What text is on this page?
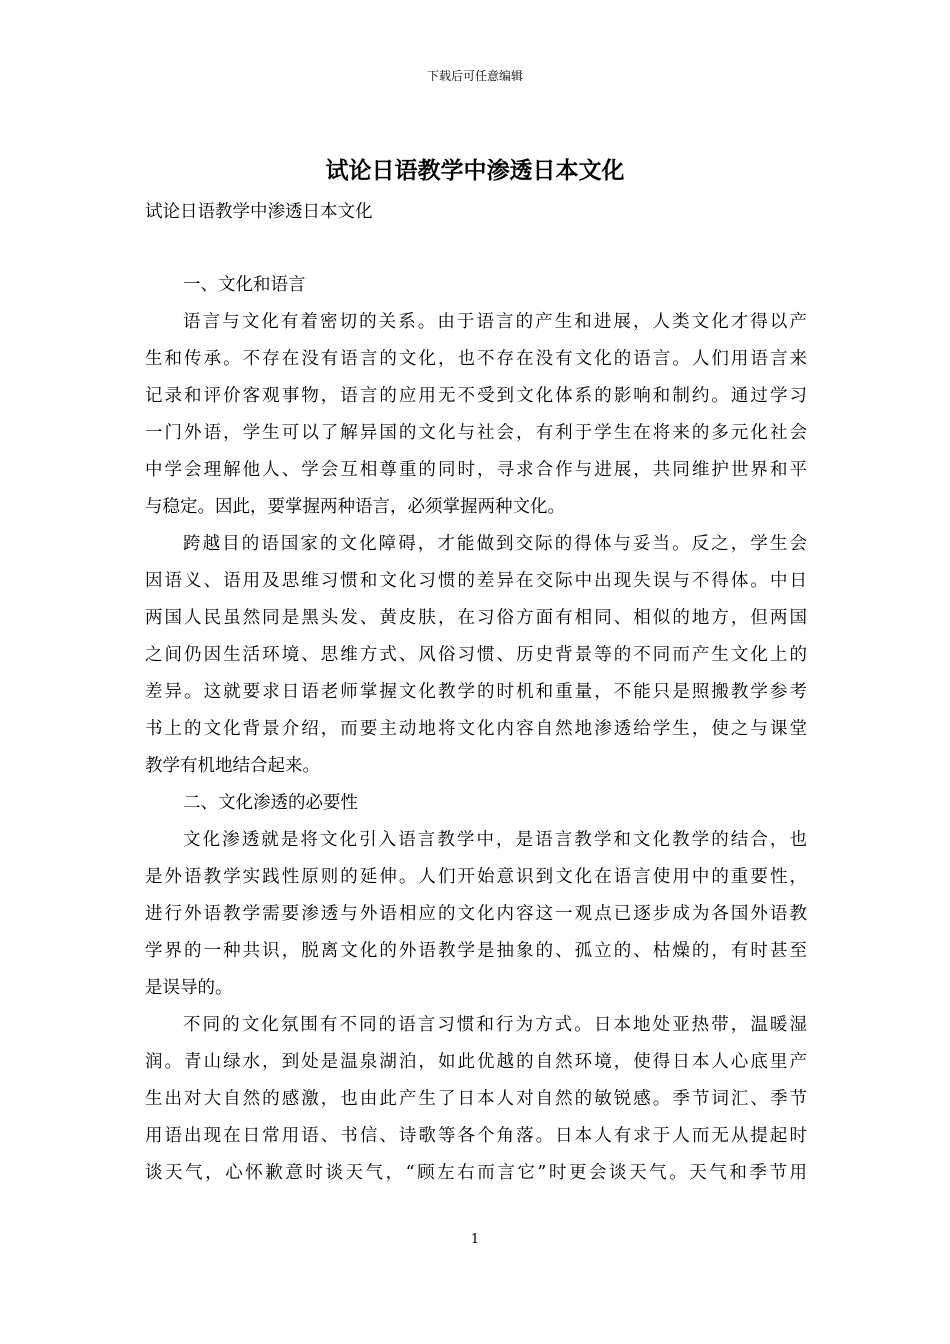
下载后可任意编辑
试论日语教学中渗透日本文化
试论日语教学中渗透日本文化
一、文化和语言
语言与文化有着密切的关系。由于语言的产生和进展，人类文化才得以产
生和传承。不存在没有语言的文化，也不存在没有文化的语言。人们用语言来
记录和评价客观事物，语言的应用无不受到文化体系的影响和制约。通过学习
一门外语，学生可以了解异国的文化与社会，有利于学生在将来的多元化社会
中学会理解他人、学会互相尊重的同时，寻求合作与进展，共同维护世界和平
与稳定。因此，要掌握两种语言，必须掌握两种文化。
跨越目的语国家的文化障碍，才能做到交际的得体与妥当。反之，学生会
因语义、语用及思维习惯和文化习惯的差异在交际中出现失误与不得体。中日
两国人民虽然同是黑头发、黄皮肤，在习俗方面有相同、相似的地方，但两国
之间仍因生活环境、思维方式、风俗习惯、历史背景等的不同而产生文化上的
差异。这就要求日语老师掌握文化教学的时机和重量，不能只是照搬教学参考
书上的文化背景介绍，而要主动地将文化内容自然地渗透给学生，使之与课堂
教学有机地结合起来。
二、文化渗透的必要性
文化渗透就是将文化引入语言教学中，是语言教学和文化教学的结合，也
是外语教学实践性原则的延伸。人们开始意识到文化在语言使用中的重要性，
进行外语教学需要渗透与外语相应的文化内容这一观点已逐步成为各国外语教
学界的一种共识，脱离文化的外语教学是抽象的、孤立的、枯燥的，有时甚至
是误导的。
不同的文化氛围有不同的语言习惯和行为方式。日本地处亚热带，温暖湿
润。青山绿水，到处是温泉湖泊，如此优越的自然环境，使得日本人心底里产
生出对大自然的感激，也由此产生了日本人对自然的敏锐感。季节词汇、季节
用语出现在日常用语、书信、诗歌等各个角落。日本人有求于人而无从提起时
谈天气，心怀歉意时谈天气，“顾左右而言它”时更会谈天气。天气和季节用
1
